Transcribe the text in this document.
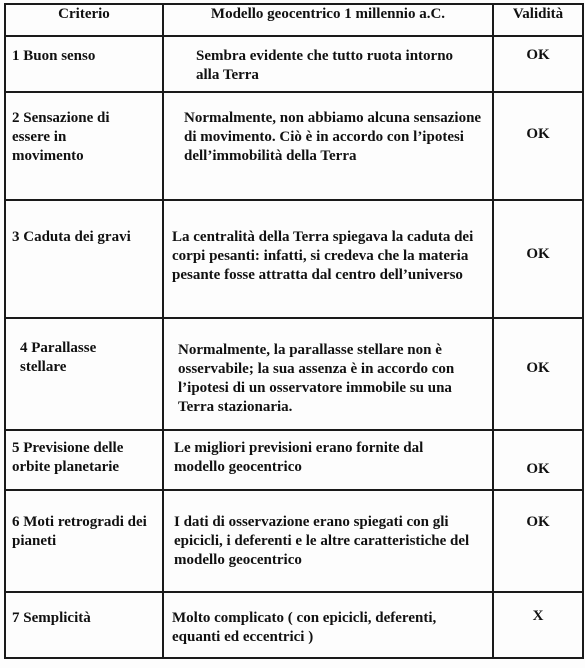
Criterio	Modello geocentrico 1 millennio a.C.	Validità

1 Buon senso	Sembra evidente che tutto ruota intorno alla Terra	OK

2 Sensazione di essere in movimento	Normalmente, non abbiamo alcuna sensazione di movimento. Ciò è in accordo con l’ipotesi dell’immobilità della Terra	OK

3 Caduta dei gravi	La centralità della Terra spiegava la caduta dei corpi pesanti: infatti, si credeva che la materia pesante fosse attratta dal centro dell’universo	OK

4 Parallasse stellare	Normalmente, la parallasse stellare non è osservabile; la sua assenza è in accordo con l’ipotesi di un osservatore immobile su una Terra stazionaria.	OK

5 Previsione delle orbite planetarie	Le migliori previsioni erano fornite dal modello geocentrico	OK

6 Moti retrogradi dei pianeti	I dati di osservazione erano spiegati con gli epicicli, i deferenti e le altre caratteristiche del modello geocentrico	OK

7 Semplicità	Molto complicato ( con epicicli, deferenti, equanti ed eccentrici )	X
